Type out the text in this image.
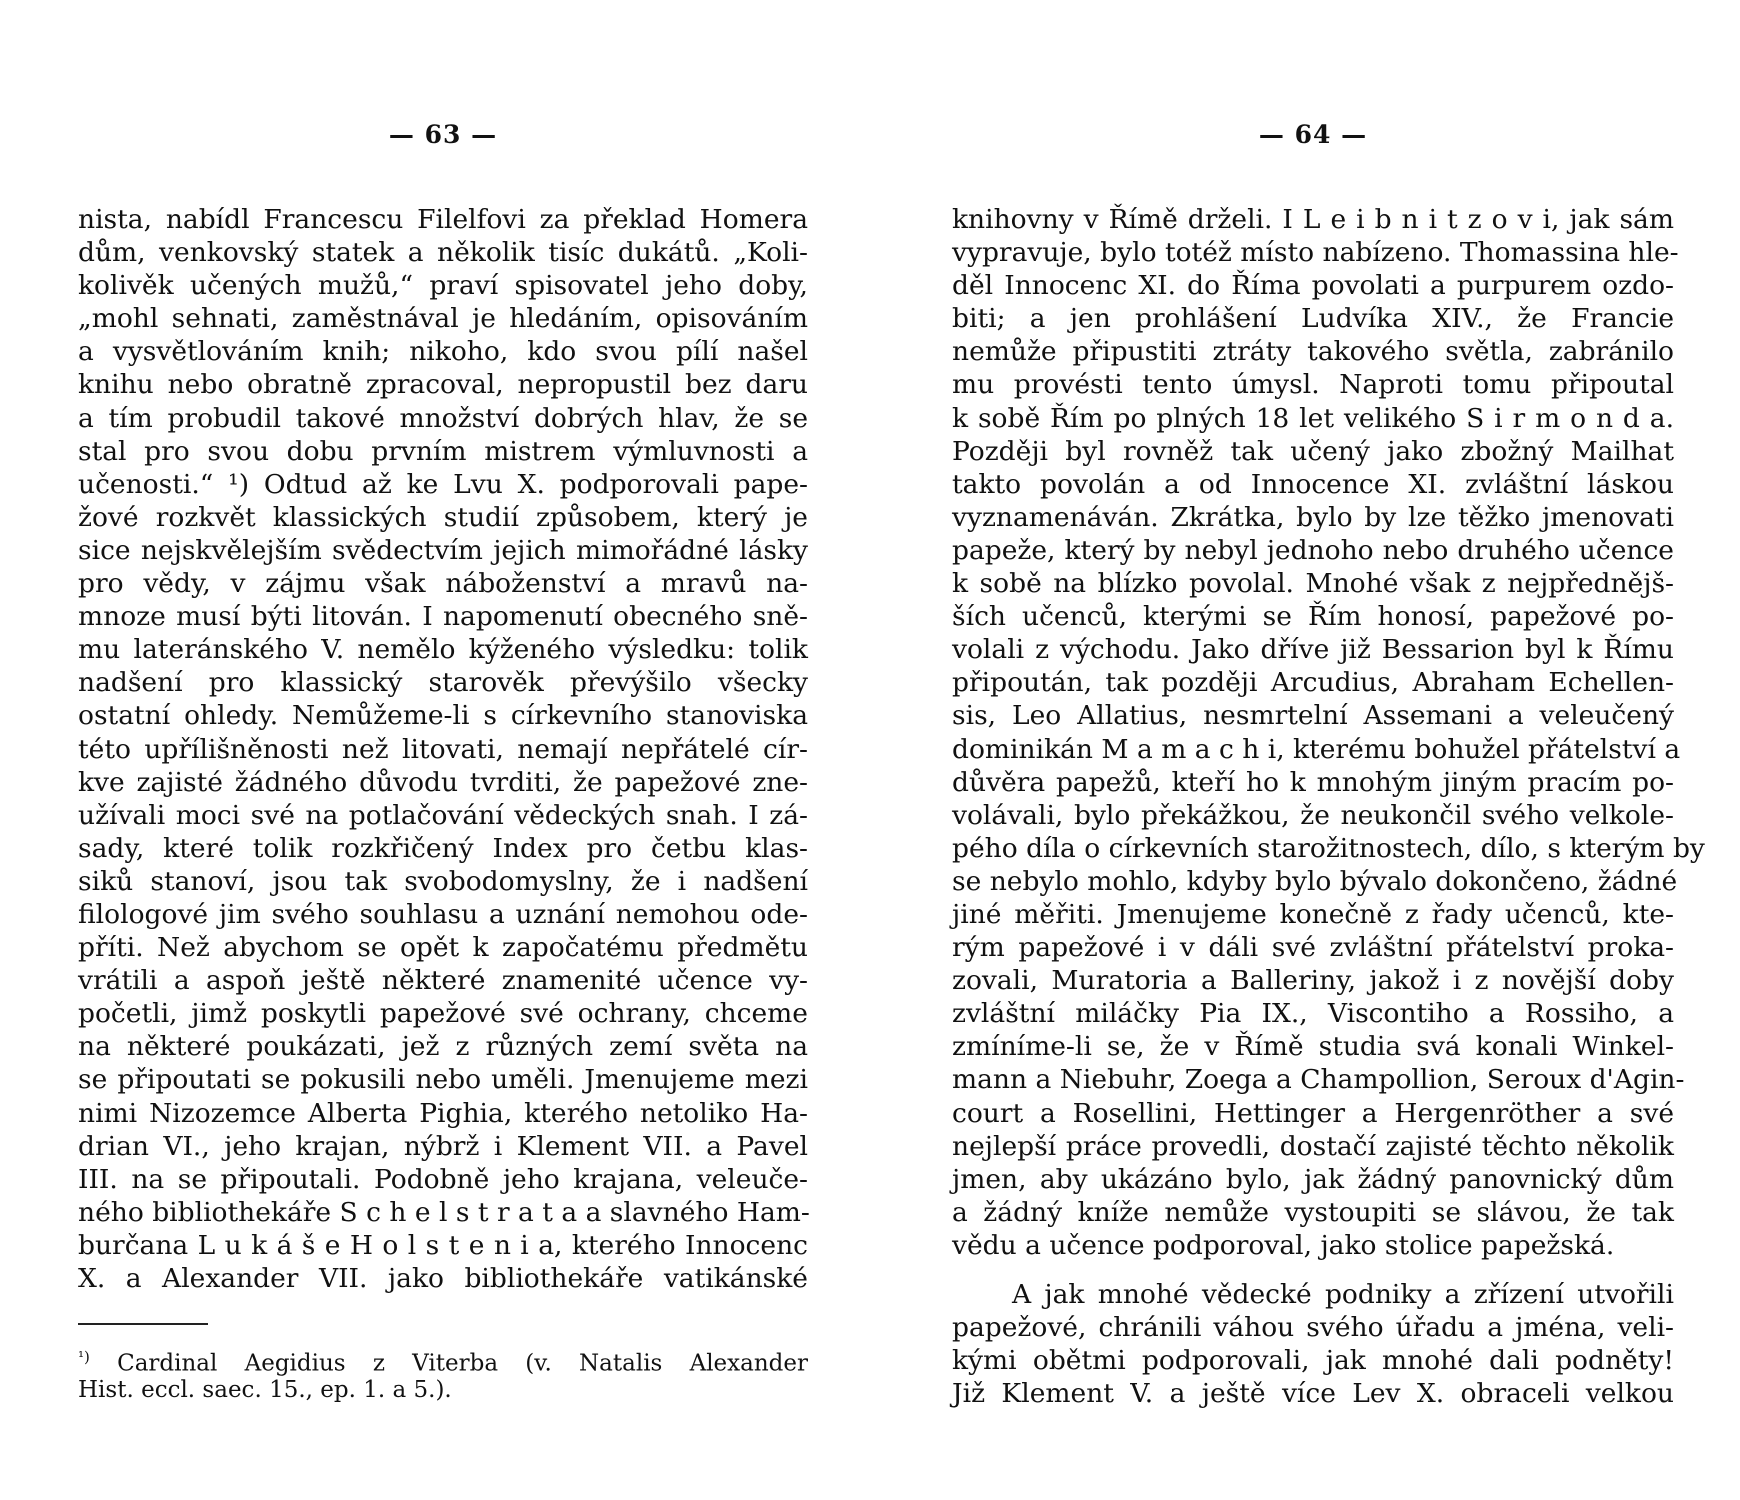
— 63 —
nista, nabídl Francescu Filelfovi za překlad Homera
dům, venkovský statek a několik tisíc dukátů. „Koli-
kolivěk učených mužů,“ praví spisovatel jeho doby,
„mohl sehnati, zaměstnával je hledáním, opisováním
a vysvětlováním knih; nikoho, kdo svou pílí našel
knihu nebo obratně zpracoval, nepropustil bez daru
a tím probudil takové množství dobrých hlav, že se
stal pro svou dobu prvním mistrem výmluvnosti a
učenosti.“ ¹) Odtud až ke Lvu X. podporovali pape-
žové rozkvět klassických studií způsobem, který je
sice nejskvělejším svědectvím jejich mimořádné lásky
pro vědy, v zájmu však náboženství a mravů na-
mnoze musí býti litován. I napomenutí obecného sně-
mu lateránského V. nemělo kýženého výsledku: tolik
nadšení pro klassický starověk převýšilo všecky
ostatní ohledy. Nemůžeme-li s církevního stanoviska
této upřílišněnosti než litovati, nemají nepřátelé cír-
kve zajisté žádného důvodu tvrditi, že papežové zne-
užívali moci své na potlačování vědeckých snah. I zá-
sady, které tolik rozkřičený Index pro četbu klas-
siků stanoví, jsou tak svobodomyslny, že i nadšení
filologové jim svého souhlasu a uznání nemohou ode-
příti. Než abychom se opět k započatému předmětu
vrátili a aspoň ještě některé znamenité učence vy-
početli, jimž poskytli papežové své ochrany, chceme
na některé poukázati, jež z různých zemí světa na
se připoutati se pokusili nebo uměli. Jmenujeme mezi
nimi Nizozemce Alberta Pighia, kterého netoliko Ha-
drian VI., jeho krajan, nýbrž i Klement VII. a Pavel
III. na se připoutali. Podobně jeho krajana, veleuče-
ného bibliothekáře S c h e l s t r a t a a slavného Ham-
burčana L u k á š e H o l s t e n i a, kterého Innocenc
X. a Alexander VII. jako bibliothekáře vatikánské
$^{^1)}$ Cardinal Aegidius z Viterba (v. Natalis Alexander
Hist. eccl. saec. 15., ep. 1. a 5.).
— 64 —
knihovny v Římě drželi. I L e i b n i t z o v i, jak sám
vypravuje, bylo totéž místo nabízeno. Thomassina hle-
děl Innocenc XI. do Říma povolati a purpurem ozdo-
biti; a jen prohlášení Ludvíka XIV., že Francie
nemůže připustiti ztráty takového světla, zabránilo
mu provésti tento úmysl. Naproti tomu připoutal
k sobě Řím po plných 18 let velikého S i r m o n d a.
Později byl rovněž tak učený jako zbožný Mailhat
takto povolán a od Innocence XI. zvláštní láskou
vyznamenáván. Zkrátka, bylo by lze těžko jmenovati
papeže, který by nebyl jednoho nebo druhého učence
k sobě na blízko povolal. Mnohé však z nejpřednějš-
ších učenců, kterými se Řím honosí, papežové po-
volali z východu. Jako dříve již Bessarion byl k Římu
připoután, tak později Arcudius, Abraham Echellen-
sis, Leo Allatius, nesmrtelní Assemani a veleučený
dominikán M a m a c h i, kterému bohužel přátelství a
důvěra papežů, kteří ho k mnohým jiným pracím po-
volávali, bylo překážkou, že neukončil svého velkole-
pého díla o církevních starožitnostech, dílo, s kterým by
se nebylo mohlo, kdyby bylo bývalo dokončeno, žádné
jiné měřiti. Jmenujeme konečně z řady učenců, kte-
rým papežové i v dáli své zvláštní přátelství proka-
zovali, Muratoria a Balleriny, jakož i z novější doby
zvláštní miláčky Pia IX., Viscontiho a Rossiho, a
zmíníme-li se, že v Římě studia svá konali Winkel-
mann a Niebuhr, Zoega a Champollion, Seroux d'Agin-
court a Rosellini, Hettinger a Hergenröther a své
nejlepší práce provedli, dostačí zajisté těchto několik
jmen, aby ukázáno bylo, jak žádný panovnický dům
a žádný kníže nemůže vystoupiti se slávou, že tak
vědu a učence podporoval, jako stolice papežská.
A jak mnohé vědecké podniky a zřízení utvořili
papežové, chránili váhou svého úřadu a jména, veli-
kými obětmi podporovali, jak mnohé dali podněty!
Již Klement V. a ještě více Lev X. obraceli velkou
